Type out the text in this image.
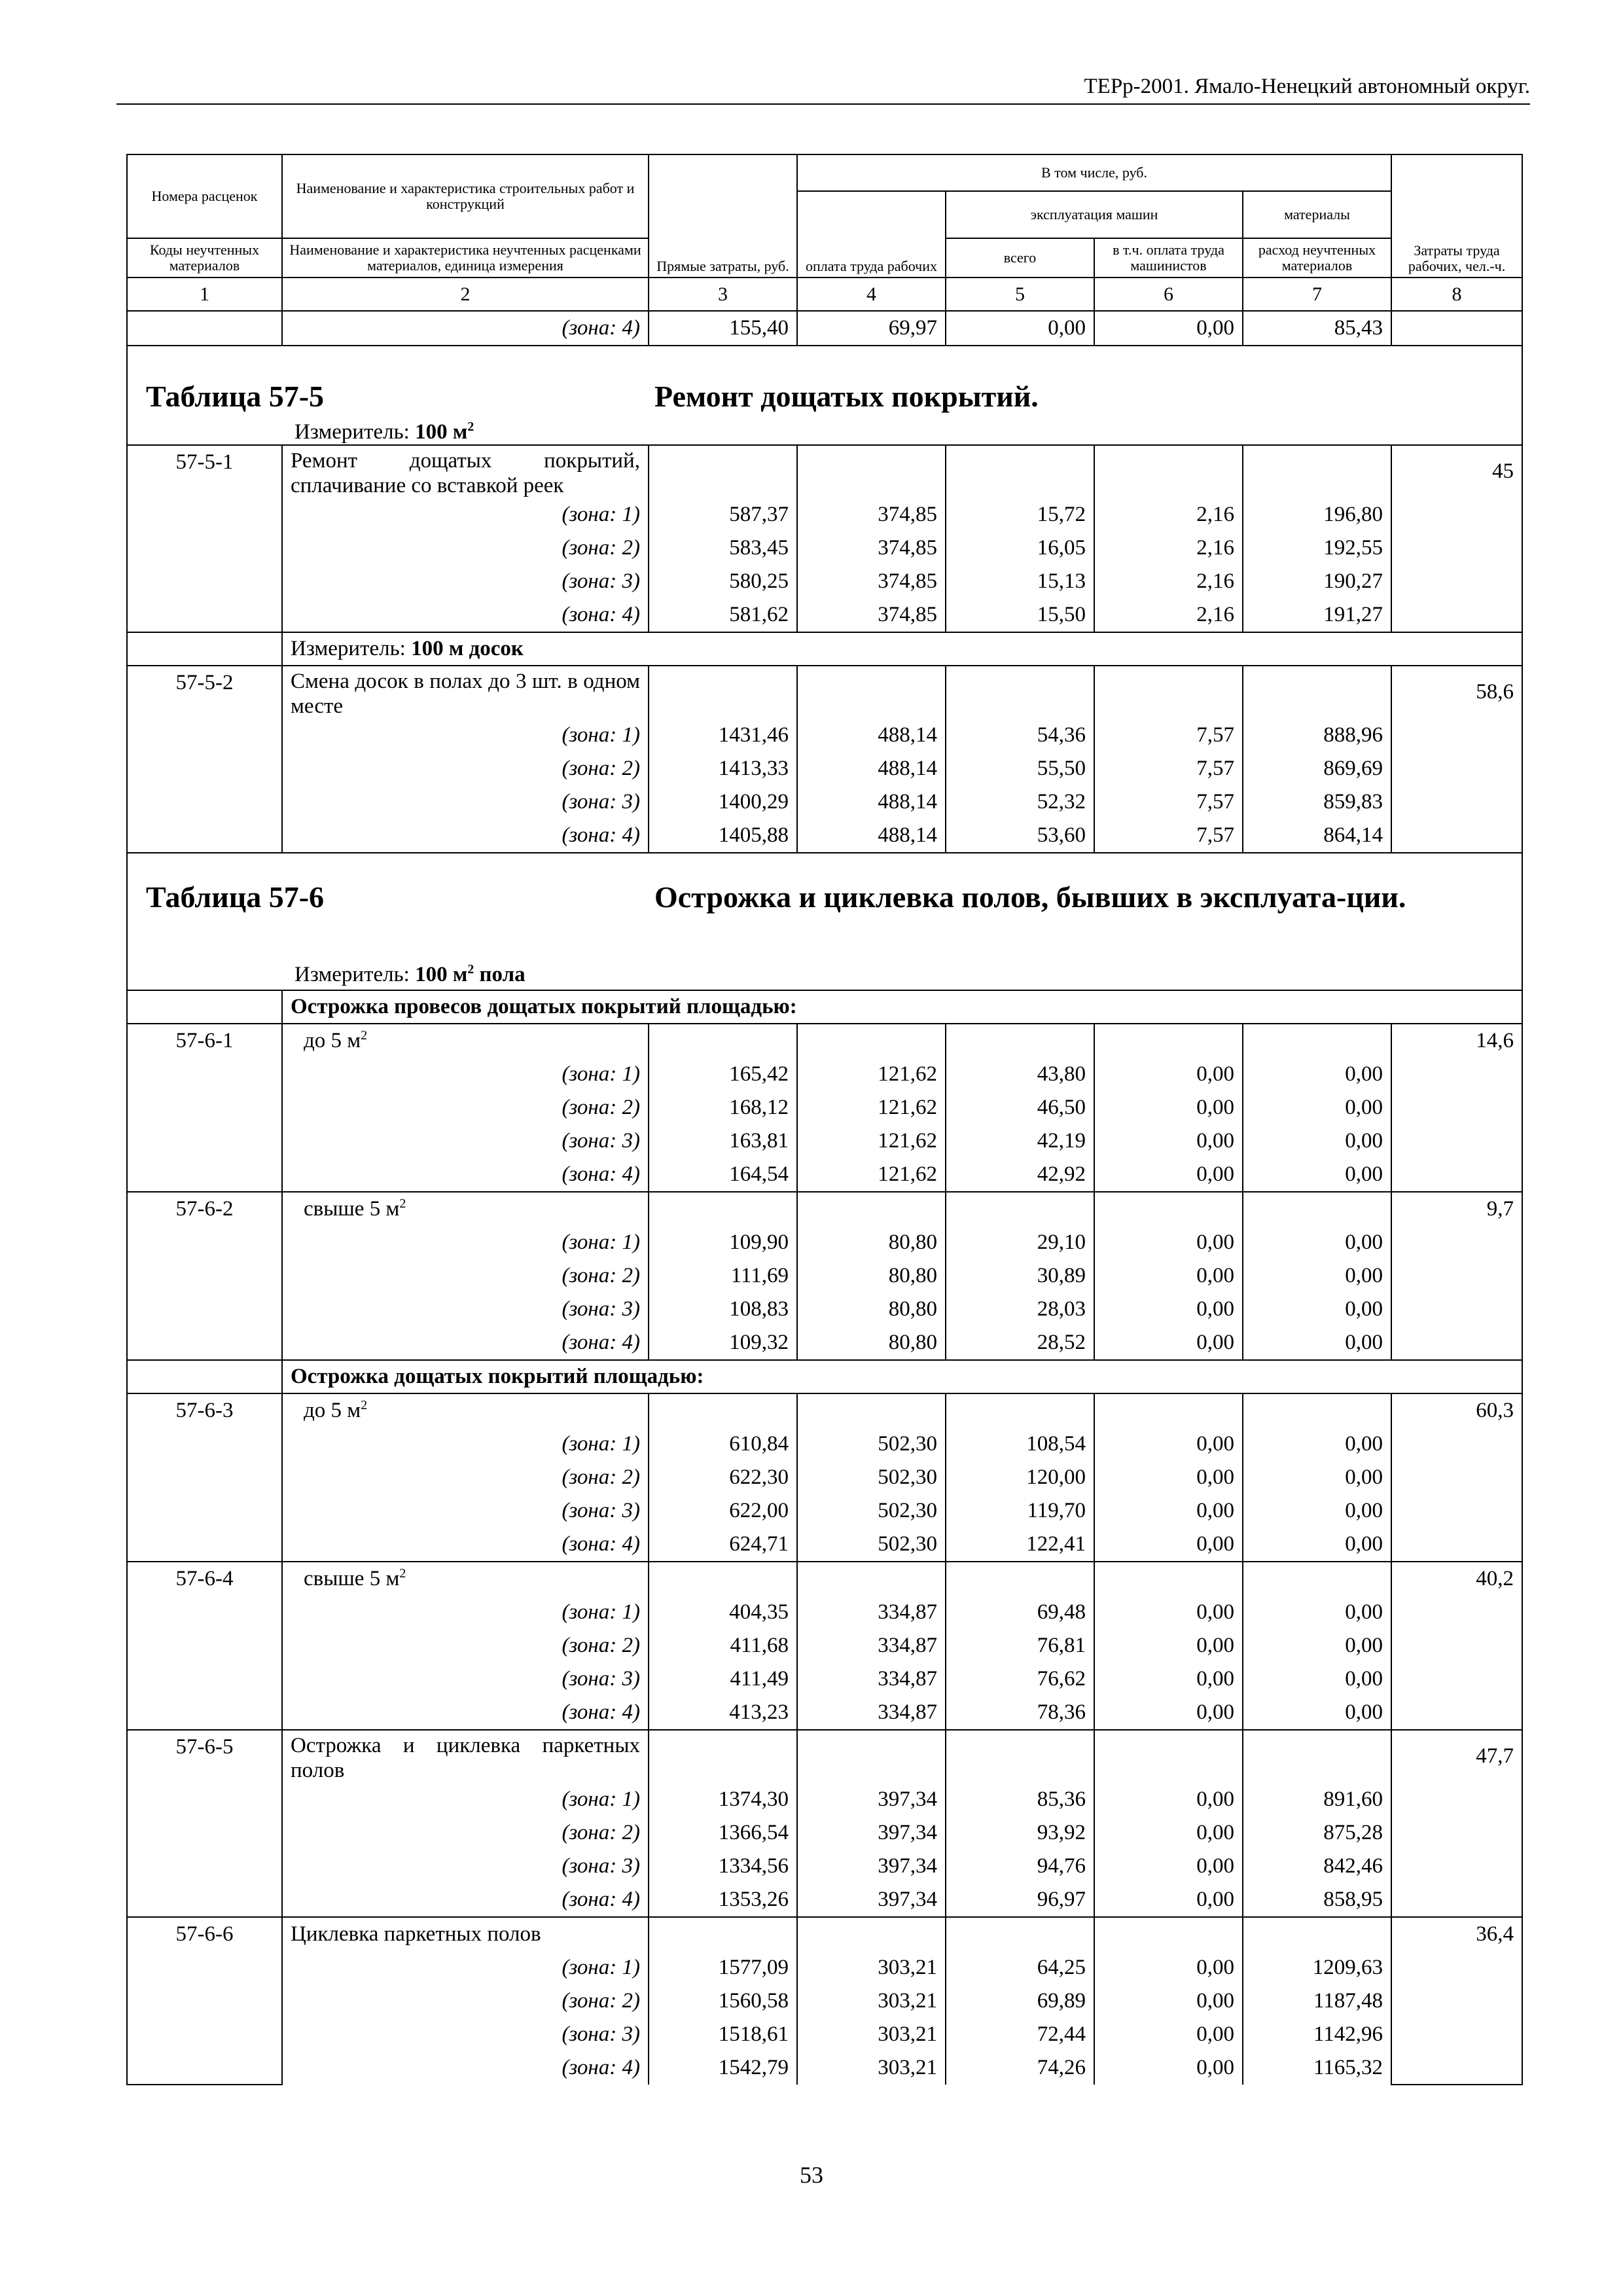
ТЕРр-2001. Ямало-Ненецкий автономный округ.
Номера расценок	Наименование и характеристика строительных работ и конструкций	Прямые затраты, руб.	В том числе, руб.				Затраты труда рабочих, чел.-ч.
			оплата труда рабочих	эксплуатация машин		материалы	
Коды неучтенных материалов	Наименование и характеристика неучтенных расценками материалов, единица измерения			всего	в т.ч. оплата труда машинистов	расход неучтенных материалов	

1	2	3	4	5	6	7	8
	(зона: 4)	155,40	69,97	0,00	0,00	85,43	

Таблица 57-5 Ремонт дощатых покрытий.
Измеритель: 100 $м^2$

57-5-1	Ремонт дощатых покрытий, сплачивание со вставкой реек						45
	(зона: 1)	587,37	374,85	15,72	2,16	196,80	
	(зона: 2)	583,45	374,85	16,05	2,16	192,55	
	(зона: 3)	580,25	374,85	15,13	2,16	190,27	
	(зона: 4)	581,62	374,85	15,50	2,16	191,27	
	Измеритель: 100 м досок						
57-5-2	Смена досок в полах до 3 шт. в одном месте						58,6
	(зона: 1)	1431,46	488,14	54,36	7,57	888,96	
	(зона: 2)	1413,33	488,14	55,50	7,57	869,69	
	(зона: 3)	1400,29	488,14	52,32	7,57	859,83	
	(зона: 4)	1405,88	488,14	53,60	7,57	864,14	

Таблица 57-6 Острожка и циклевка полов, бывших в эксплуата-ции.
Измеритель: 100 $м^2$ пола							

	Острожка провесов дощатых покрытий площадью:						
57-6-1	до 5 $м^2$						14,6
	(зона: 1)	165,42	121,62	43,80	0,00	0,00	
	(зона: 2)	168,12	121,62	46,50	0,00	0,00	
	(зона: 3)	163,81	121,62	42,19	0,00	0,00	
	(зона: 4)	164,54	121,62	42,92	0,00	0,00	
57-6-2	свыше 5 $м^2$						9,7
	(зона: 1)	109,90	80,80	29,10	0,00	0,00	
	(зона: 2)	111,69	80,80	30,89	0,00	0,00	
	(зона: 3)	108,83	80,80	28,03	0,00	0,00	
	(зона: 4)	109,32	80,80	28,52	0,00	0,00	
	Острожка дощатых покрытий площадью:						
57-6-3	до 5 $м^2$						60,3
	(зона: 1)	610,84	502,30	108,54	0,00	0,00	
	(зона: 2)	622,30	502,30	120,00	0,00	0,00	
	(зона: 3)	622,00	502,30	119,70	0,00	0,00	
	(зона: 4)	624,71	502,30	122,41	0,00	0,00	
57-6-4	свыше 5 $м^2$						40,2
	(зона: 1)	404,35	334,87	69,48	0,00	0,00	
	(зона: 2)	411,68	334,87	76,81	0,00	0,00	
	(зона: 3)	411,49	334,87	76,62	0,00	0,00	
	(зона: 4)	413,23	334,87	78,36	0,00	0,00	
57-6-5	Острожка и циклевка паркетных полов						47,7
	(зона: 1)	1374,30	397,34	85,36	0,00	891,60	
	(зона: 2)	1366,54	397,34	93,92	0,00	875,28	
	(зона: 3)	1334,56	397,34	94,76	0,00	842,46	
	(зона: 4)	1353,26	397,34	96,97	0,00	858,95	
57-6-6	Циклевка паркетных полов						36,4
	(зона: 1)	1577,09	303,21	64,25	0,00	1209,63	
	(зона: 2)	1560,58	303,21	69,89	0,00	1187,48	
	(зона: 3)	1518,61	303,21	72,44	0,00	1142,96	
	(зона: 4)	1542,79	303,21	74,26	0,00	1165,32	
53
